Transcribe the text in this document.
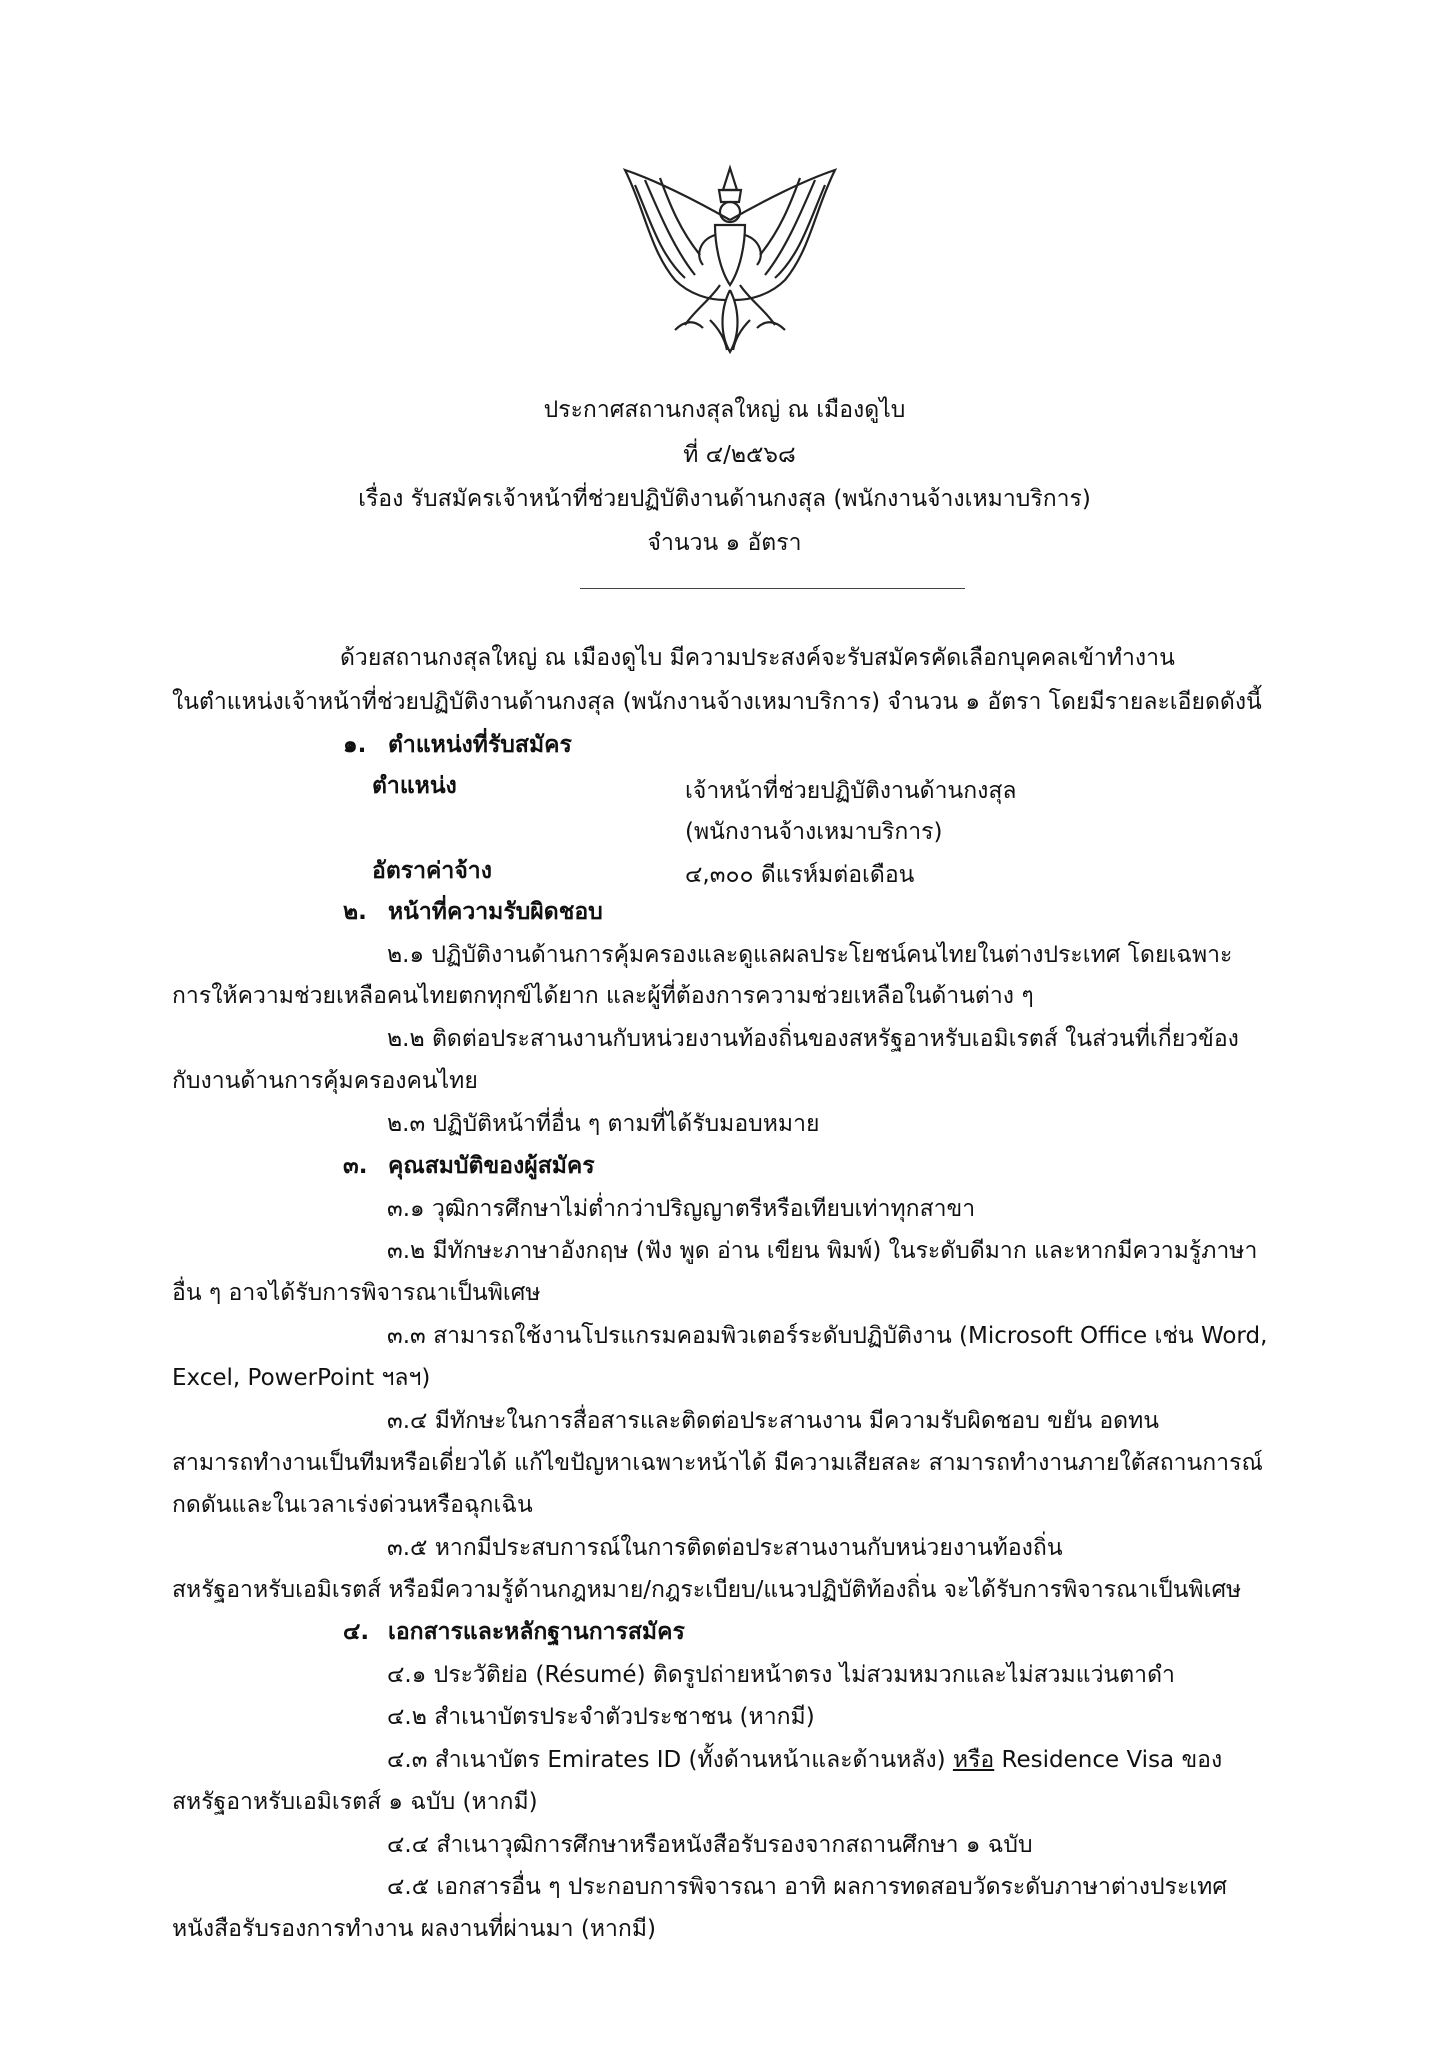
ประกาศสถานกงสุลใหญ่ ณ เมืองดูไบ
ที่ ๔/๒๕๖๘
เรื่อง รับสมัครเจ้าหน้าที่ช่วยปฏิบัติงานด้านกงสุล (พนักงานจ้างเหมาบริการ)
จำนวน ๑ อัตรา
ด้วยสถานกงสุลใหญ่ ณ เมืองดูไบ มีความประสงค์จะรับสมัครคัดเลือกบุคคลเข้าทำงาน
ในตำแหน่งเจ้าหน้าที่ช่วยปฏิบัติงานด้านกงสุล (พนักงานจ้างเหมาบริการ) จำนวน ๑ อัตรา โดยมีรายละเอียดดังนี้
๑. ตำแหน่งที่รับสมัคร
ตำแหน่ง	เจ้าหน้าที่ช่วยปฏิบัติงานด้านกงสุล
(พนักงานจ้างเหมาบริการ)
อัตราค่าจ้าง	๔,๓๐๐ ดีแรห์มต่อเดือน
๒. หน้าที่ความรับผิดชอบ
๒.๑ ปฏิบัติงานด้านการคุ้มครองและดูแลผลประโยชน์คนไทยในต่างประเทศ โดยเฉพาะ
การให้ความช่วยเหลือคนไทยตกทุกข์ได้ยาก และผู้ที่ต้องการความช่วยเหลือในด้านต่าง ๆ
๒.๒ ติดต่อประสานงานกับหน่วยงานท้องถิ่นของสหรัฐอาหรับเอมิเรตส์ ในส่วนที่เกี่ยวข้อง
กับงานด้านการคุ้มครองคนไทย
๒.๓ ปฏิบัติหน้าที่อื่น ๆ ตามที่ได้รับมอบหมาย
๓. คุณสมบัติของผู้สมัคร
๓.๑ วุฒิการศึกษาไม่ต่ำกว่าปริญญาตรีหรือเทียบเท่าทุกสาขา
๓.๒ มีทักษะภาษาอังกฤษ (ฟัง พูด อ่าน เขียน พิมพ์) ในระดับดีมาก และหากมีความรู้ภาษา
อื่น ๆ อาจได้รับการพิจารณาเป็นพิเศษ
๓.๓ สามารถใช้งานโปรแกรมคอมพิวเตอร์ระดับปฏิบัติงาน (Microsoft Office เช่น Word,
Excel, PowerPoint ฯลฯ)
๓.๔ มีทักษะในการสื่อสารและติดต่อประสานงาน มีความรับผิดชอบ ขยัน อดทน
สามารถทำงานเป็นทีมหรือเดี่ยวได้ แก้ไขปัญหาเฉพาะหน้าได้ มีความเสียสละ สามารถทำงานภายใต้สถานการณ์
กดดันและในเวลาเร่งด่วนหรือฉุกเฉิน
๓.๕ หากมีประสบการณ์ในการติดต่อประสานงานกับหน่วยงานท้องถิ่น
สหรัฐอาหรับเอมิเรตส์ หรือมีความรู้ด้านกฎหมาย/กฎระเบียบ/แนวปฏิบัติท้องถิ่น จะได้รับการพิจารณาเป็นพิเศษ
๔. เอกสารและหลักฐานการสมัคร
๔.๑ ประวัติย่อ (Résumé) ติดรูปถ่ายหน้าตรง ไม่สวมหมวกและไม่สวมแว่นตาดำ
๔.๒ สำเนาบัตรประจำตัวประชาชน (หากมี)
๔.๓ สำเนาบัตร Emirates ID (ทั้งด้านหน้าและด้านหลัง) หรือ Residence Visa ของ
สหรัฐอาหรับเอมิเรตส์ ๑ ฉบับ (หากมี)
๔.๔ สำเนาวุฒิการศึกษาหรือหนังสือรับรองจากสถานศึกษา ๑ ฉบับ
๔.๕ เอกสารอื่น ๆ ประกอบการพิจารณา อาทิ ผลการทดสอบวัดระดับภาษาต่างประเทศ
หนังสือรับรองการทำงาน ผลงานที่ผ่านมา (หากมี)
